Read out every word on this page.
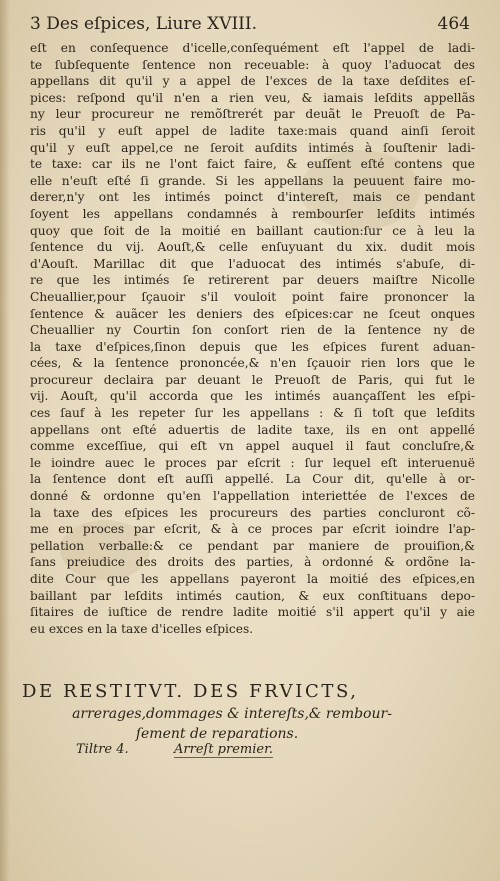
3 Des eſpices, Liure XVIII.	464
eſt en conſequence d'icelle,conſequément eſt l'appel de ladi-
te ſubſequente ſentence non receuable: à quoy l'aduocat des
appellans dit qu'il y a appel de l'exces de la taxe deſdites eſ-
pices: reſpond qu'il n'en a rien veu, & iamais leſdits appellãs
ny leur procureur ne remõſtrerét par deuãt le Preuoſt de Pa-
ris qu'il y euſt appel de ladite taxe:mais quand ainſi ſeroit
qu'il y euſt appel,ce ne ſeroit auſdits intimés à ſouſtenir ladi-
te taxe: car ils ne l'ont faict faire, & euſſent eſté contens que
elle n'euſt eſté ſi grande. Si les appellans la peuuent faire mo-
derer,n'y ont les intimés poinct d'intereſt, mais ce pendant
ſoyent les appellans condamnés à rembourſer leſdits intimés
quoy que ſoit de la moitié en baillant caution:ſur ce à leu la
ſentence du vij. Aouſt,& celle enſuyuant du xix. dudit mois
d'Aouſt. Marillac dit que l'aduocat des intimés s'abuſe, di-
re que les intimés ſe retirerent par deuers maiſtre Nicolle
Cheuallier,pour ſçauoir s'il vouloit point faire prononcer la
ſentence & auãcer les deniers des eſpices:car ne ſceut onques
Cheuallier ny Courtin ſon conſort rien de la ſentence ny de
la taxe d'eſpices,ſinon depuis que les eſpices furent aduan-
cées, & la ſentence prononcée,& n'en ſçauoir rien lors que le
procureur declaira par deuant le Preuoſt de Paris, qui fut le
vij. Aouſt, qu'il accorda que les intimés auançaſſent les eſpi-
ces ſauf à les repeter ſur les appellans : & ſi toſt que leſdits
appellans ont eſté aduertis de ladite taxe, ils en ont appellé
comme exceſſiue, qui eſt vn appel auquel il faut concluſre,&
le ioindre auec le proces par eſcrit : ſur lequel eſt interuenuë
la ſentence dont eſt auſſi appellé. La Cour dit, qu'elle à or-
donné & ordonne qu'en l'appellation interiettée de l'exces de
la taxe des eſpices les procureurs des parties concluront cõ-
me en proces par eſcrit, & à ce proces par eſcrit ioindre l'ap-
pellation verballe:& ce pendant par maniere de prouiſion,&
ſans preiudice des droits des parties, à ordonné & ordõne la-
dite Cour que les appellans payeront la moitié des eſpices,en
baillant par leſdits intimés caution, & eux conſtituans depo-
ſitaires de iuſtice de rendre ladite moitié s'il appert qu'il y aie
eu exces en la taxe d'icelles eſpices.
DE RESTITVT. DES FRVICTS,
arrerages,dommages & intereſts,& rembour-
ſement de reparations.
Tiltre 4.	Arreſt premier.
